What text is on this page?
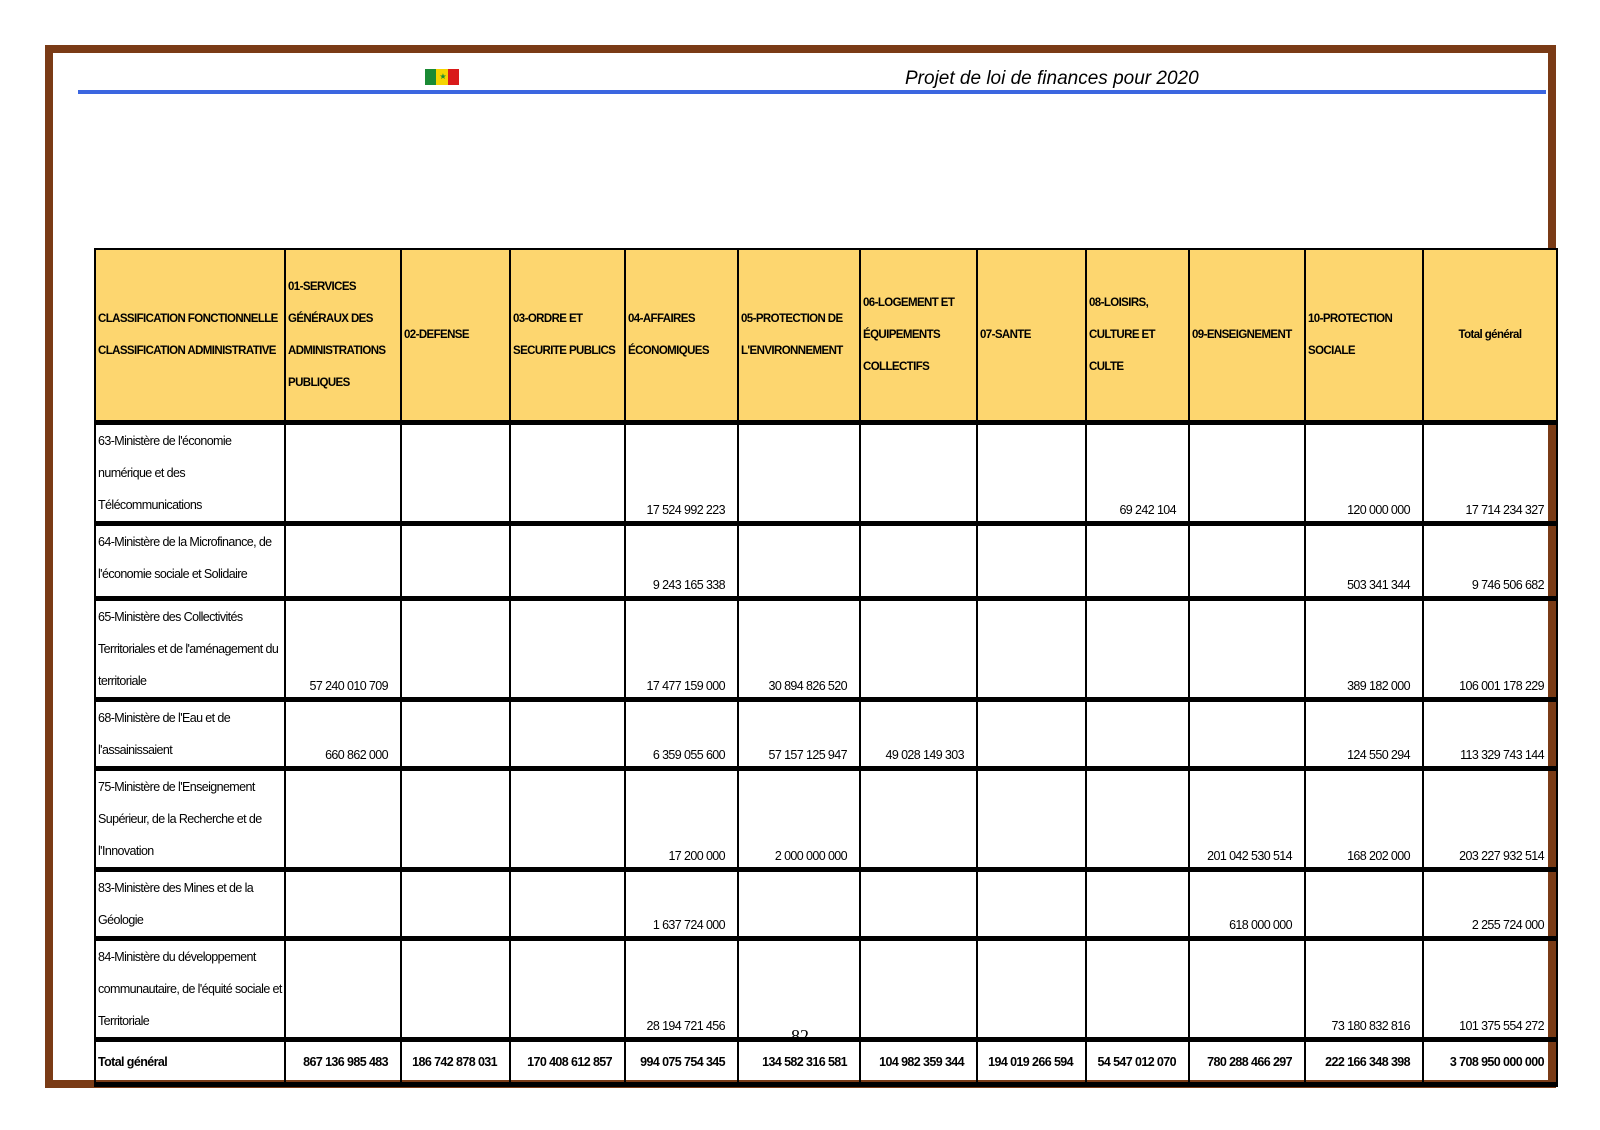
★	Projet de loi de finances pour 2020
CLASSIFICATION FONCTIONNELLE
CLASSIFICATION ADMINISTRATIVE	01-SERVICES GÉNÉRAUX DES ADMINISTRATIONS PUBLIQUES	02-DEFENSE	03-ORDRE ET SECURITE PUBLICS	04-AFFAIRES ÉCONOMIQUES	05-PROTECTION DE L'ENVIRONNEMENT	06-LOGEMENT ET ÉQUIPEMENTS COLLECTIFS	07-SANTE	08-LOISIRS, CULTURE ET CULTE	09-ENSEIGNEMENT	10-PROTECTION SOCIALE	Total général
63-Ministère de l'économie numérique et des Télécommunications				17 524 992 223				69 242 104		120 000 000	17 714 234 327
64-Ministère de la Microfinance, de l'économie sociale et Solidaire				9 243 165 338						503 341 344	9 746 506 682
65-Ministère des Collectivités Territoriales et de l'aménagement du territoriale	57 240 010 709			17 477 159 000	30 894 826 520					389 182 000	106 001 178 229
68-Ministère de l'Eau et de l'assainissaient	660 862 000			6 359 055 600	57 157 125 947	49 028 149 303				124 550 294	113 329 743 144
75-Ministère de l'Enseignement Supérieur, de la Recherche et de l'Innovation				17 200 000	2 000 000 000				201 042 530 514	168 202 000	203 227 932 514
83-Ministère des Mines et de la Géologie				1 637 724 000					618 000 000		2 255 724 000
84-Ministère du développement communautaire, de l'équité sociale et Territoriale				28 194 721 456						73 180 832 816	101 375 554 272
Total général	867 136 985 483	186 742 878 031	170 408 612 857	994 075 754 345	134 582 316 581	104 982 359 344	194 019 266 594	54 547 012 070	780 288 466 297	222 166 348 398	3 708 950 000 000
82
